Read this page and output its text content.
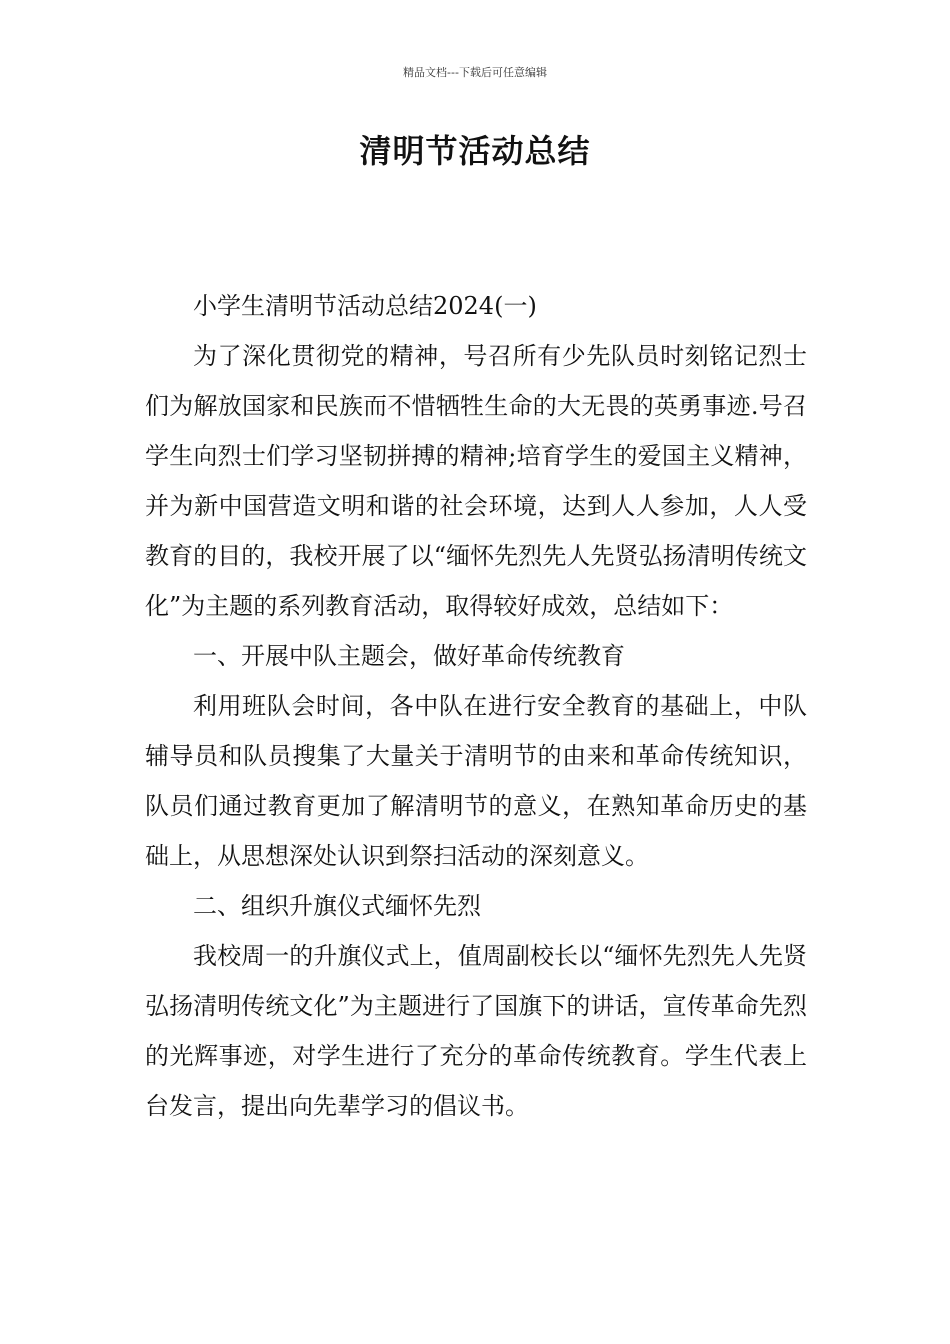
精品文档---下载后可任意编辑
清明节活动总结

小学生清明节活动总结2024(一)

为了深化贯彻党的精神，号召所有少先队员时刻铭记烈士们为解放国家和民族而不惜牺牲生命的大无畏的英勇事迹.号召学生向烈士们学习坚韧拼搏的精神;培育学生的爱国主义精神，并为新中国营造文明和谐的社会环境，达到人人参加，人人受教育的目的，我校开展了以“缅怀先烈先人先贤弘扬清明传统文化”为主题的系列教育活动，取得较好成效，总结如下：

一、开展中队主题会，做好革命传统教育

利用班队会时间，各中队在进行安全教育的基础上，中队辅导员和队员搜集了大量关于清明节的由来和革命传统知识，队员们通过教育更加了解清明节的意义，在熟知革命历史的基础上，从思想深处认识到祭扫活动的深刻意义。

二、组织升旗仪式缅怀先烈

我校周一的升旗仪式上，值周副校长以“缅怀先烈先人先贤 弘扬清明传统文化”为主题进行了国旗下的讲话，宣传革命先烈的光辉事迹，对学生进行了充分的革命传统教育。学生代表上台发言，提出向先辈学习的倡议书。
